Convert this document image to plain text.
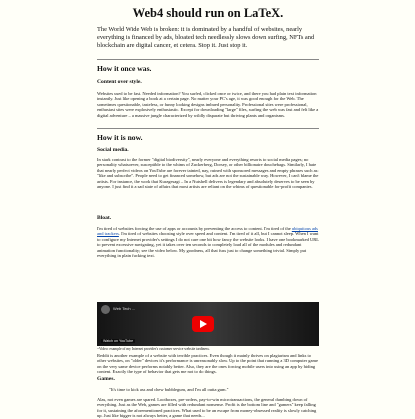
Web4 should run on LaTeX.

The World Wide Web is broken: it is dominated by a handful of websites, nearly everything is financed by ads, bloated tech needlessly slows down surfing, NFTs and blockchain are digital cancer, et cetera. Stop it. Just stop it.

How it once was.
Content over style.

Websites used to be fast. Needed information? You surfed, clicked once or twice, and there you had plain text information instantly. Just like opening a book at a certain page. No matter your PC's age, it was good enough for the Web. The sometimes questionable, tasteless, or funny looking designs imbued personality. Professional sites were professional, enthusiast sites were explosively enthusiastic. Except for downloading "large" files, surfing the web was fast and felt like a digital adventure – a massive jungle characterized by wildly disparate but thriving plants and organisms.

How it is now.
Social media.

In stark contrast to the former "digital biodiversity", nearly everyone and everything resorts to social media pages; no personality whatsoever, susceptible to the whims of Zuckerberg, Dorsey, or other billionaire douchebags. Similarly, I hate that nearly perfect videos on YouTube are forever tainted, nay, ruined with sponsored messages and empty phrases such as: "like and subscribe". People need to get financed somehow, but ads are not the sustainable way. However, I can't blame the artists. For instance, the work that Kurzgesagt – In a Nutshell delivers is legendary and absolutely deserves to be seen by anyone. I just find it a sad state of affairs that most artists are reliant on the whims of questionable for-profit companies.

Bloat.

I'm tired of websites forcing the use of apps or accounts by preventing the access to content. I'm tired of the ubiquitous ads and trackers. I'm tired of websites choosing style over speed and content. I'm tired of it all, but I cannot sleep. When I want to configure my Internet provider's settings I do not care one bit how fancy the website looks. I have one bookmarked URL to prevent excessive navigating, yet it takes over ten seconds to completely load all of the modules and redundant animation functionality; see the video below. My goodness, all that fuss just to change something trivial. Simply put everything in plain fucking text.

Web Tech ...
Watch on YouTube

~Video: example of my Internet provider's customer service website tardiness.

Reddit is another example of a website with terrible practices. Even though it mainly thrives on plagiarism and links to other websites, on "older" devices it's performance is unreasonably slow. Up to the point that running a 3D computer game on the very same device performs notably better. Also, they are the ones forcing mobile users into using an app by hiding content. Exactly the type of behavior that gets me not to do things.

Games.
"It's time to kick ass and chew bubblegum, and I'm all outta gum."

Alas, not even games are spared. Lootboxes, pre-orders, pay-to-win microtransactions, the general dumbing down of everything. Just as the Web, games are filled with redundant nonsense. Profit is the bottom line and "gamers" keep falling for it, sustaining the aforementioned practices. What used to be an escape from money-obsessed reality is slowly catching up. Just like bigger is not always better, a game that needs...
